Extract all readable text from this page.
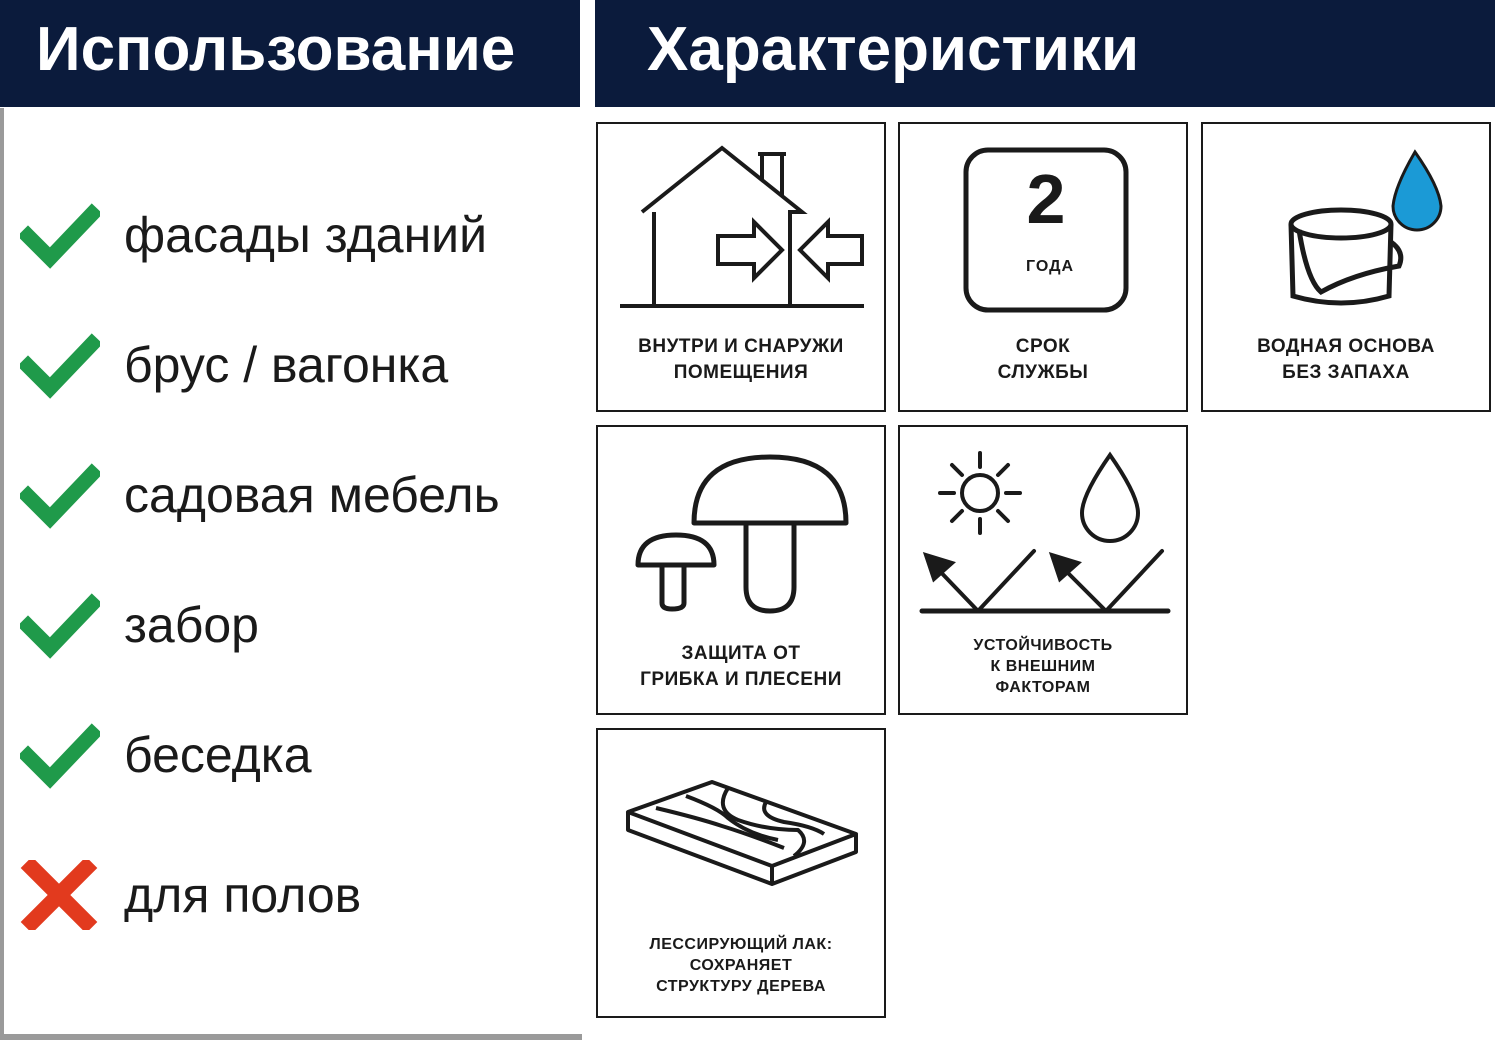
Использование	Характеристики
фасады зданий
брус / вагонка
садовая мебель
забор
беседка
для полов
ВНУТРИ И СНАРУЖИ
ПОМЕЩЕНИЯ
2
ГОДА
СРОК
СЛУЖБЫ
ВОДНАЯ ОСНОВА
БЕЗ ЗАПАХА
ЗАЩИТА ОТ
ГРИБКА И ПЛЕСЕНИ
УСТОЙЧИВОСТЬ
К ВНЕШНИМ
ФАКТОРАМ
ЛЕССИРУЮЩИЙ ЛАК:
СОХРАНЯЕТ
СТРУКТУРУ ДЕРЕВА
